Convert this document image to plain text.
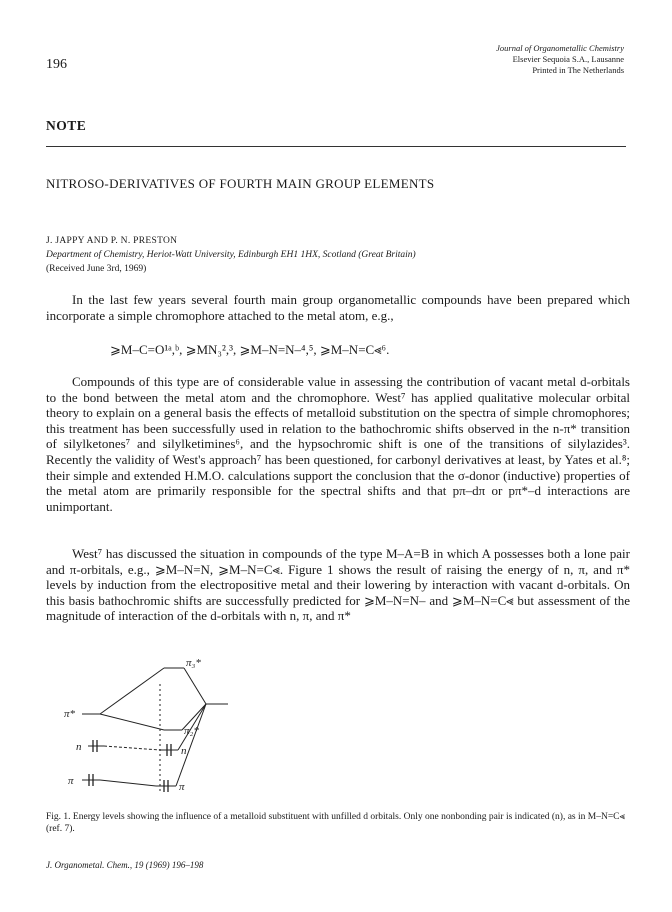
196
Journal of Organometallic Chemistry
Elsevier Sequoia S.A., Lausanne
Printed in The Netherlands
NOTE
NITROSO-DERIVATIVES OF FOURTH MAIN GROUP ELEMENTS
J. JAPPY AND P. N. PRESTON
Department of Chemistry, Heriot-Watt University, Edinburgh EH1 1HX, Scotland (Great Britain)
(Received June 3rd, 1969)
In the last few years several fourth main group organometallic compounds have been prepared which incorporate a simple chromophore attached to the metal atom, e.g.,
⩾M–C=O¹ᵃ,ᵇ, ⩾MN₃²,³, ⩾M–N=N–⁴,⁵, ⩾M–N=C⪡⁶.
Compounds of this type are of considerable value in assessing the contribution of vacant metal d-orbitals to the bond between the metal atom and the chromophore. West⁷ has applied qualitative molecular orbital theory to explain on a general basis the effects of metalloid substitution on the spectra of simple chromophores; this treatment has been successfully used in relation to the bathochromic shifts observed in the n-π* transition of silylketones⁷ and silylketimines⁶, and the hypsochromic shift is one of the transitions of silylazides³. Recently the validity of West's approach⁷ has been questioned, for carbonyl derivatives at least, by Yates et al.⁸; their simple and extended H.M.O. calculations support the conclusion that the σ-donor (inductive) properties of the metal atom are primarily responsible for the spectral shifts and that pπ–dπ or pπ*–d interactions are unimportant.
West⁷ has discussed the situation in compounds of the type M–A=B in which A possesses both a lone pair and π-orbitals, e.g., ⩾M–N=N, ⩾M–N=C⪡. Figure 1 shows the result of raising the energy of n, π, and π* levels by induction from the electropositive metal and their lowering by interaction with vacant d-orbitals. On this basis bathochromic shifts are successfully predicted for ⩾M–N=N– and ⩾M–N=C⪡ but assessment of the magnitude of interaction of the d-orbitals with n, π, and π*
π₃*
π*
π₂*
n	n
π	π
Fig. 1. Energy levels showing the influence of a metalloid substituent with unfilled d orbitals. Only one nonbonding pair is indicated (n), as in M–N=C⪡ (ref. 7).
J. Organometal. Chem., 19 (1969) 196–198
